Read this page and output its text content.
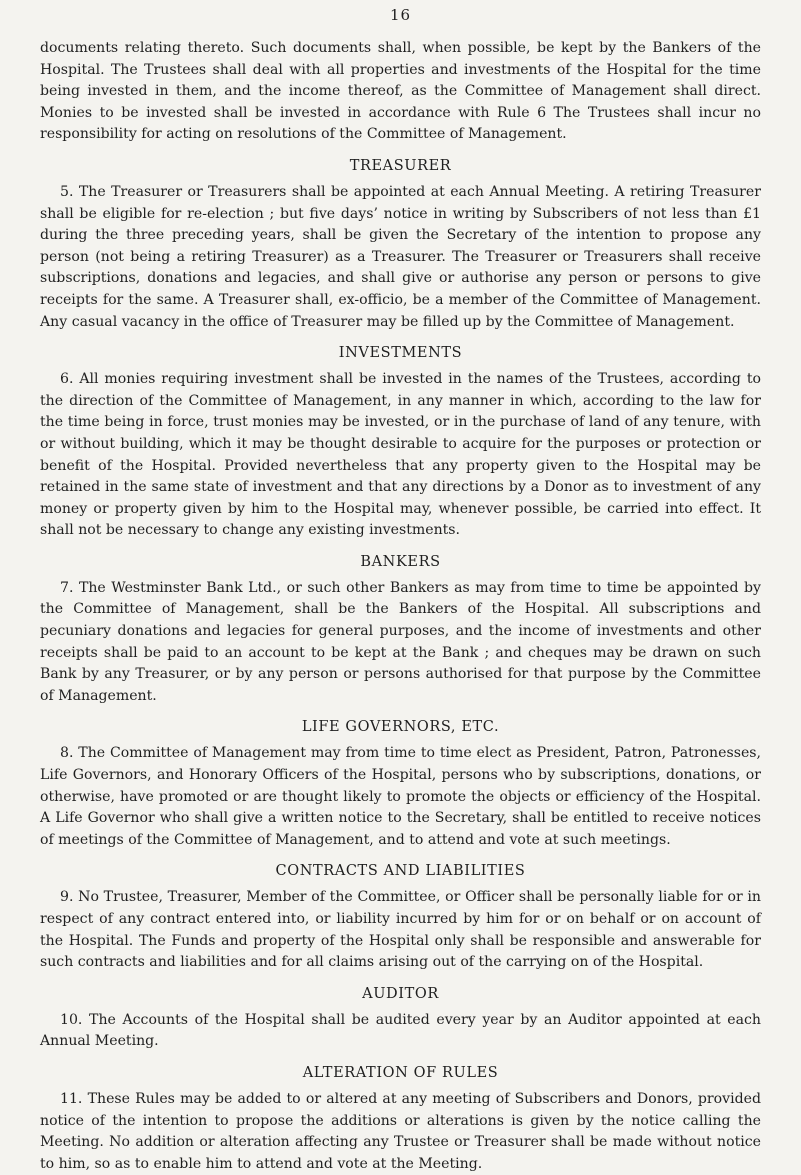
16

documents relating thereto. Such documents shall, when possible, be kept by the Bankers of the Hospital. The Trustees shall deal with all properties and investments of the Hospital for the time being invested in them, and the income thereof, as the Committee of Management shall direct. Monies to be invested shall be invested in accordance with Rule 6 The Trustees shall incur no responsibility for acting on resolutions of the Committee of Management.

TREASURER

5. The Treasurer or Treasurers shall be appointed at each Annual Meeting. A retiring Treasurer shall be eligible for re-election ; but five days’ notice in writing by Subscribers of not less than £1 during the three preceding years, shall be given the Secretary of the intention to propose any person (not being a retiring Treasurer) as a Treasurer. The Treasurer or Treasurers shall receive subscriptions, donations and legacies, and shall give or authorise any person or persons to give receipts for the same. A Treasurer shall, ex-officio, be a member of the Committee of Management. Any casual vacancy in the office of Treasurer may be filled up by the Committee of Management.

INVESTMENTS

6. All monies requiring investment shall be invested in the names of the Trustees, according to the direction of the Committee of Management, in any manner in which, according to the law for the time being in force, trust monies may be invested, or in the purchase of land of any tenure, with or without building, which it may be thought desirable to acquire for the purposes or protection or benefit of the Hospital. Provided nevertheless that any property given to the Hospital may be retained in the same state of investment and that any directions by a Donor as to investment of any money or property given by him to the Hospital may, whenever possible, be carried into effect. It shall not be necessary to change any existing investments.

BANKERS

7. The Westminster Bank Ltd., or such other Bankers as may from time to time be appointed by the Committee of Management, shall be the Bankers of the Hospital. All subscriptions and pecuniary donations and legacies for general purposes, and the income of investments and other receipts shall be paid to an account to be kept at the Bank ; and cheques may be drawn on such Bank by any Treasurer, or by any person or persons authorised for that purpose by the Committee of Management.

LIFE GOVERNORS, ETC.

8. The Committee of Management may from time to time elect as President, Patron, Patronesses, Life Governors, and Honorary Officers of the Hospital, persons who by subscriptions, donations, or otherwise, have promoted or are thought likely to promote the objects or efficiency of the Hospital. A Life Governor who shall give a written notice to the Secretary, shall be entitled to receive notices of meetings of the Committee of Management, and to attend and vote at such meetings.

CONTRACTS AND LIABILITIES

9. No Trustee, Treasurer, Member of the Committee, or Officer shall be personally liable for or in respect of any contract entered into, or liability incurred by him for or on behalf or on account of the Hospital. The Funds and property of the Hospital only shall be responsible and answerable for such contracts and liabilities and for all claims arising out of the carrying on of the Hospital.

AUDITOR

10. The Accounts of the Hospital shall be audited every year by an Auditor appointed at each Annual Meeting.

ALTERATION OF RULES

11. These Rules may be added to or altered at any meeting of Subscribers and Donors, provided notice of the intention to propose the additions or alterations is given by the notice calling the Meeting. No addition or alteration affecting any Trustee or Treasurer shall be made without notice to him, so as to enable him to attend and vote at the Meeting.
